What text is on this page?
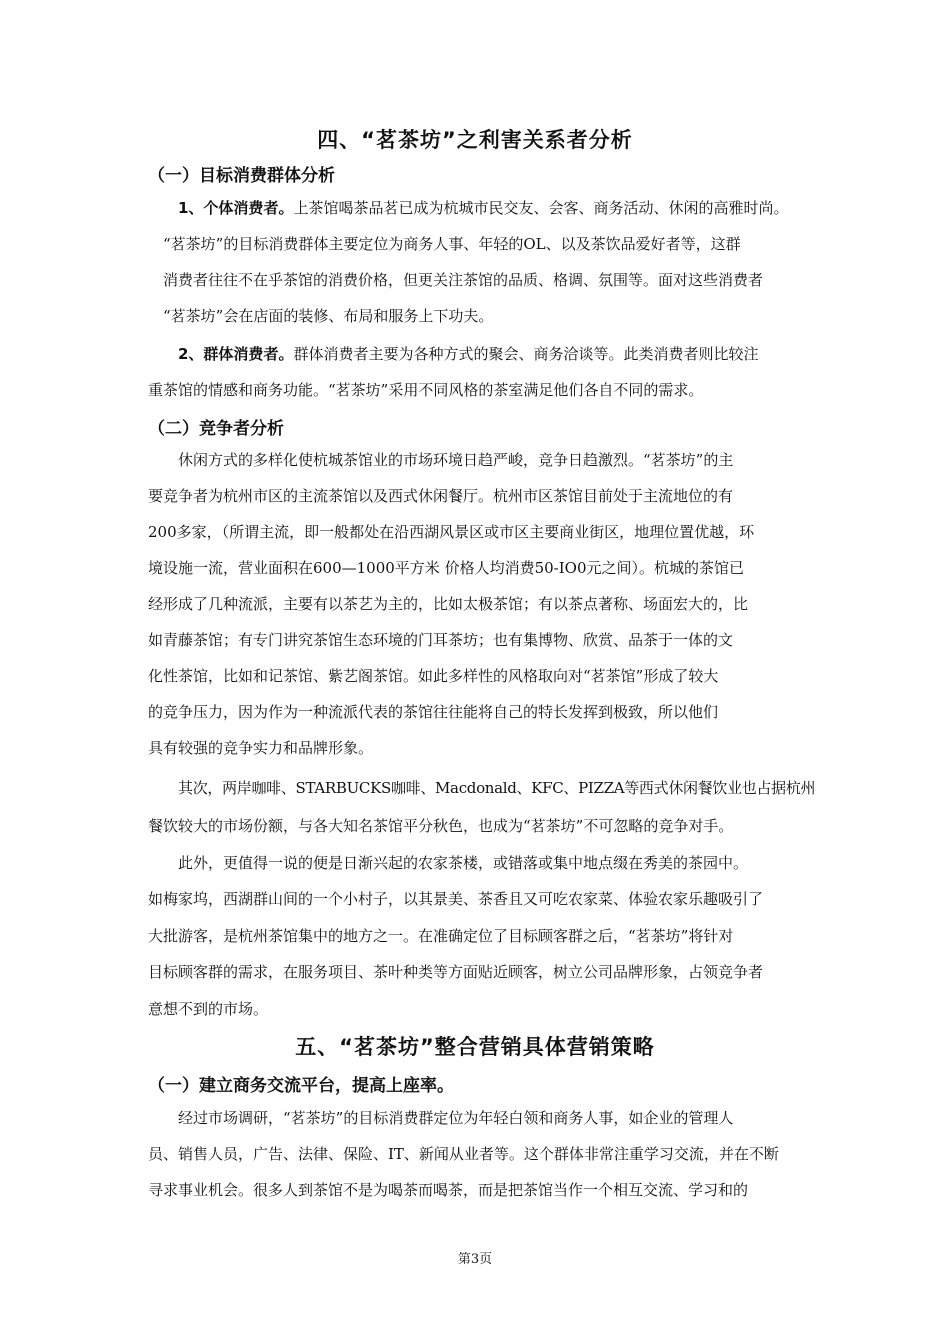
四、“茗茶坊”之利害关系者分析
（一）目标消费群体分析
1、个体消费者。上茶馆喝茶品茗已成为杭城市民交友、会客、商务活动、休闲的高雅时尚。
“茗茶坊”的目标消费群体主要定位为商务人事、年轻的OL、以及茶饮品爱好者等，这群
消费者往往不在乎茶馆的消费价格，但更关注茶馆的品质、格调、氛围等。面对这些消费者
“茗茶坊”会在店面的装修、布局和服务上下功夫。
2、群体消费者。群体消费者主要为各种方式的聚会、商务洽谈等。此类消费者则比较注
重茶馆的情感和商务功能。“茗茶坊”采用不同风格的茶室满足他们各自不同的需求。
（二）竞争者分析
休闲方式的多样化使杭城茶馆业的市场环境日趋严峻，竞争日趋激烈。“茗茶坊”的主
要竞争者为杭州市区的主流茶馆以及西式休闲餐厅。杭州市区茶馆目前处于主流地位的有
200多家，（所谓主流，即一般都处在沿西湖风景区或市区主要商业街区，地理位置优越，环
境设施一流，营业面积在600—1000平方米 价格人均消费50-IO0元之间）。杭城的茶馆已
经形成了几种流派，主要有以茶艺为主的，比如太极茶馆；有以茶点著称、场面宏大的，比
如青藤茶馆；有专门讲究茶馆生态环境的门耳茶坊；也有集博物、欣赏、品茶于一体的文
化性茶馆，比如和记茶馆、紫艺阁茶馆。如此多样性的风格取向对“茗茶馆”形成了较大
的竞争压力，因为作为一种流派代表的茶馆往往能将自己的特长发挥到极致，所以他们
具有较强的竞争实力和品牌形象。
其次，两岸咖啡、STARBUCKS咖啡、Macdonald、KFC、PIZZA等西式休闲餐饮业也占据杭州
餐饮较大的市场份额，与各大知名茶馆平分秋色，也成为“茗茶坊”不可忽略的竞争对手。
此外，更值得一说的便是日渐兴起的农家茶楼，或错落或集中地点缀在秀美的茶园中。
如梅家坞，西湖群山间的一个小村子，以其景美、茶香且又可吃农家菜、体验农家乐趣吸引了
大批游客，是杭州茶馆集中的地方之一。在准确定位了目标顾客群之后，“茗茶坊”将针对
目标顾客群的需求，在服务项目、茶叶种类等方面贴近顾客，树立公司品牌形象，占领竞争者
意想不到的市场。
五、“茗茶坊”整合营销具体营销策略
（一）建立商务交流平台，提高上座率。
经过市场调研，“茗茶坊”的目标消费群定位为年轻白领和商务人事，如企业的管理人
员、销售人员，广告、法律、保险、IT、新闻从业者等。这个群体非常注重学习交流，并在不断
寻求事业机会。很多人到茶馆不是为喝茶而喝茶，而是把茶馆当作一个相互交流、学习和的
第3页
